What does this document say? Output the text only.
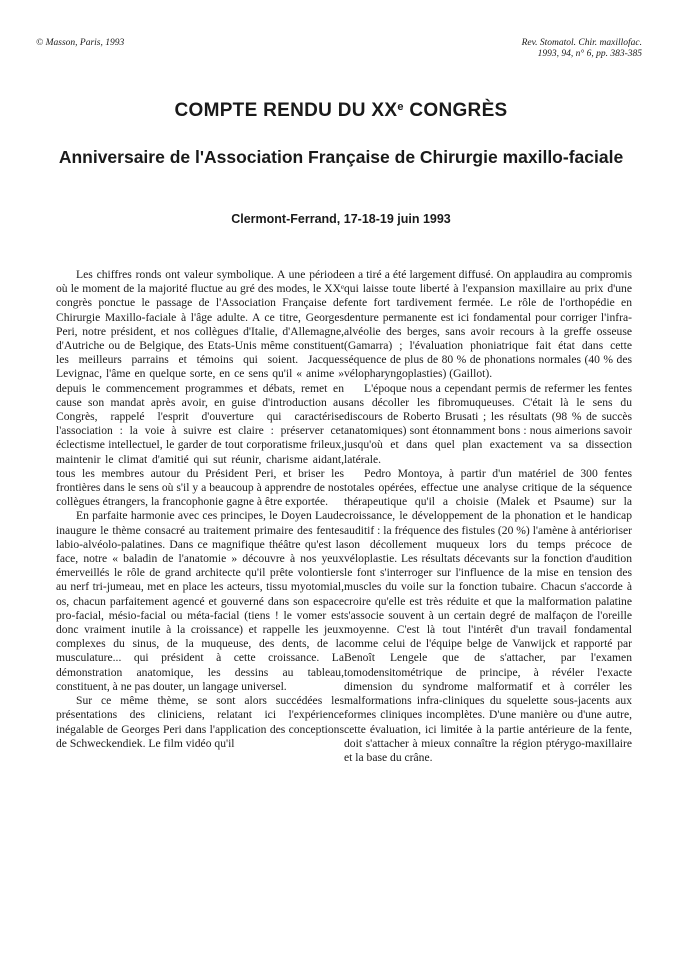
© Masson, Paris, 1993	Rev. Stomatol. Chir. maxillofac.
1993, 94, n° 6, pp. 383-385
COMPTE RENDU DU XXe CONGRÈS
Anniversaire de l'Association Française de Chirurgie maxillo-faciale
Clermont-Ferrand, 17-18-19 juin 1993

Les chiffres ronds ont valeur symbolique. A une période où le moment de la majorité fluctue au gré des modes, le XXᵉ congrès ponctue le passage de l'Association Française de Chirurgie Maxillo-faciale à l'âge adulte. A ce titre, Georges Peri, notre président, et nos collègues d'Italie, d'Allemagne, d'Autriche ou de Belgique, des Etats-Unis même constituent les meilleurs parrains et témoins qui soient. Jacques Levignac, l'âme en quelque sorte, en ce sens qu'il « anime » depuis le commencement programmes et débats, remet en cause son mandat après avoir, en guise d'introduction au Congrès, rappelé l'esprit d'ouverture qui caractérise l'association : la voie à suivre est claire : préserver cet éclectisme intellectuel, le garder de tout corporatisme frileux, maintenir le climat d'amitié qui sut réunir, charisme aidant, tous les membres autour du Président Peri, et briser les frontières dans le sens où s'il y a beaucoup à apprendre de nos collègues étrangers, la francophonie gagne à être exportée.

En parfaite harmonie avec ces principes, le Doyen Laude inaugure le thème consacré au traitement primaire des fentes labio-alvéolo-palatines. Dans ce magnifique théâtre qu'est la face, notre « baladin de l'anatomie » découvre à nos yeux émerveillés le rôle de grand architecte qu'il prête volontiers au nerf tri-jumeau, met en place les acteurs, tissu myotomial, os, chacun parfaitement agencé et gouverné dans son espace pro-facial, mésio-facial ou méta-facial (tiens ! le vomer est donc vraiment inutile à la croissance) et rappelle les jeux complexes du sinus, de la muqueuse, des dents, de la musculature... qui président à cette croissance. La démonstration anatomique, les dessins au tableau, constituent, à ne pas douter, un langage universel.

Sur ce même thème, se sont alors succédées les présentations des cliniciens, relatant ici l'expérience inégalable de Georges Peri dans l'application des conceptions de Schweckendiek. Le film vidéo qu'il

en a tiré a été largement diffusé. On applaudira au compromis qui laisse toute liberté à l'expansion maxillaire au prix d'une fente fort tardivement fermée. Le rôle de l'orthopédie en denture permanente est ici fondamental pour corriger l'infra-alvéolie des berges, sans avoir recours à la greffe osseuse (Gamarra) ; l'évaluation phoniatrique fait état dans cette séquence de plus de 80 % de phonations normales (40 % des vélopharyngoplasties) (Gaillot).

L'époque nous a cependant permis de refermer les fentes sans décoller les fibromuqueuses. C'était là le sens du discours de Roberto Brusati ; les résultats (98 % de succès anatomiques) sont étonnamment bons : nous aimerions savoir jusqu'où et dans quel plan exactement va sa dissection latérale.

Pedro Montoya, à partir d'un matériel de 300 fentes totales opérées, effectue une analyse critique de la séquence thérapeutique qu'il a choisie (Malek et Psaume) sur la croissance, le développement de la phonation et le handicap auditif : la fréquence des fistules (20 %) l'amène à antérioriser son décollement muqueux lors du temps précoce de véloplastie. Les résultats décevants sur la fonction d'audition le font s'interroger sur l'influence de la mise en tension des muscles du voile sur la fonction tubaire. Chacun s'accorde à croire qu'elle est très réduite et que la malformation palatine s'associe souvent à un certain degré de malfaçon de l'oreille moyenne. C'est là tout l'intérêt d'un travail fondamental comme celui de l'équipe belge de Vanwijck et rapporté par Benoît Lengele que de s'attacher, par l'examen tomodensitométrique de principe, à révéler l'exacte dimension du syndrome malformatif et à corréler les malformations infra-cliniques du squelette sous-jacents aux formes cliniques incomplètes. D'une manière ou d'une autre, cette évaluation, ici limitée à la partie antérieure de la fente, doit s'attacher à mieux connaître la région ptérygo-maxillaire et la base du crâne.
